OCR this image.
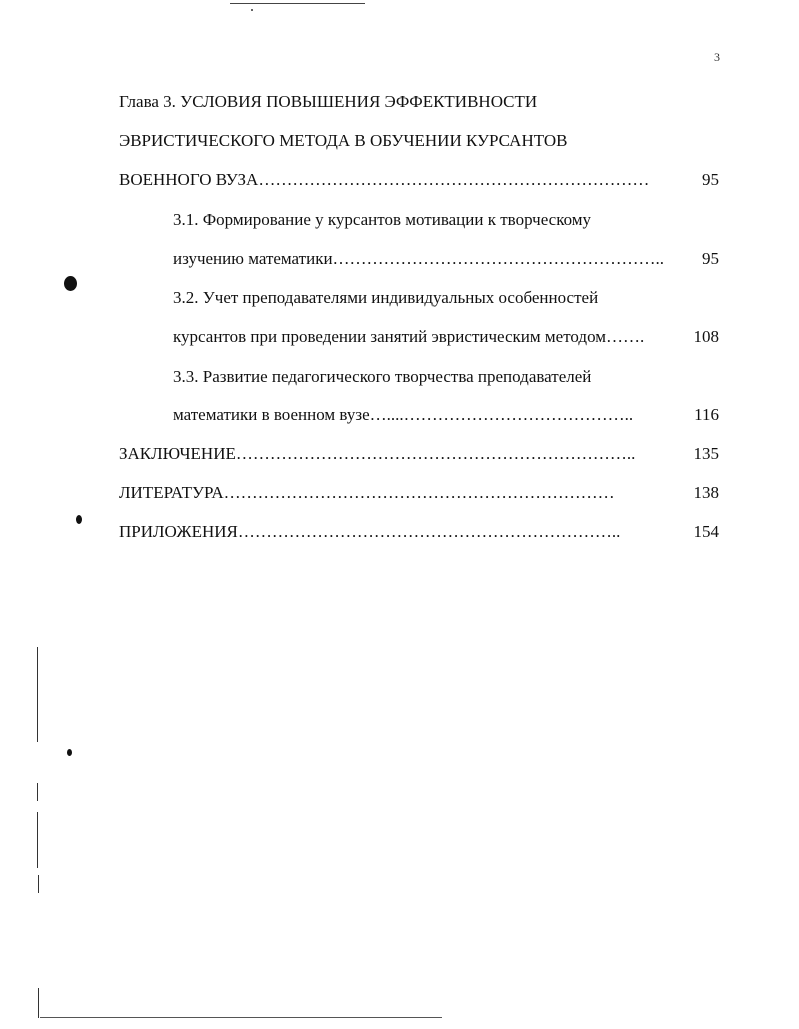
3
Глава 3. УСЛОВИЯ ПОВЫШЕНИЯ ЭФФЕКТИВНОСТИ
ЭВРИСТИЧЕСКОГО МЕТОДА В ОБУЧЕНИИ КУРСАНТОВ
ВОЕННОГО ВУЗА……………………………………………………………	95
3.1. Формирование у курсантов мотивации к творческому
изучению математики………………………………………………….. 95
3.2. Учет преподавателями индивидуальных особенностей
курсантов при проведении занятий эвристическим методом…….	108
3.3. Развитие педагогического творчества преподавателей
математики в военном вузе…....…………………………………..	116
ЗАКЛЮЧЕНИЕ……………………………………………………………..	135
ЛИТЕРАТУРА……………………………………………………………	138
ПРИЛОЖЕНИЯ…………………………………………………………..	154
